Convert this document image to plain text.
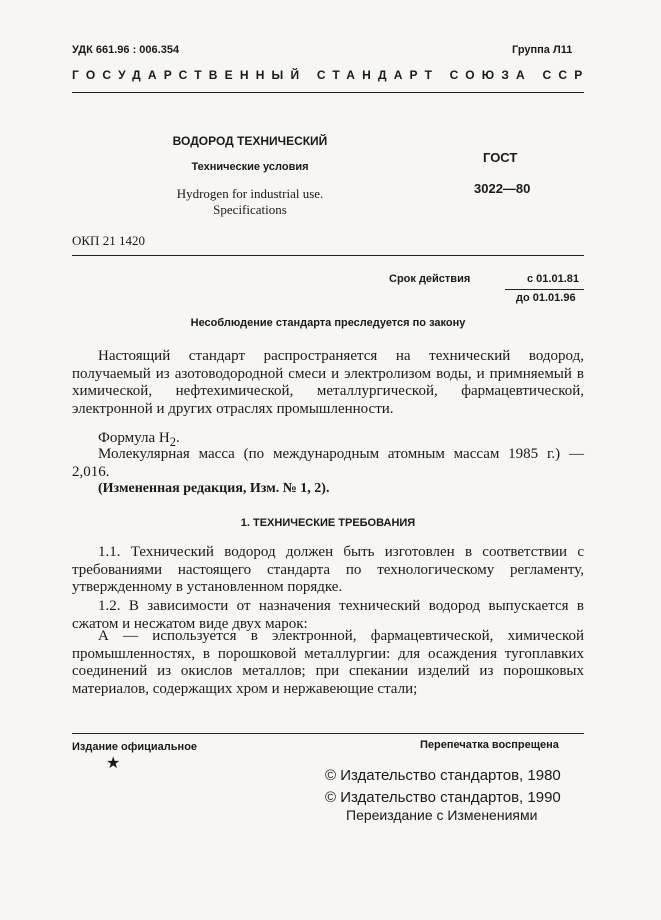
УДК 661.96 : 006.354	Группа Л11
ГОСУДАРСТВЕННЫЙ СТАНДАРТ СОЮЗА ССР
ВОДОРОД ТЕХНИЧЕСКИЙ
Технические условия
Hydrogen for industrial use.
Specifications
ГОСТ
3022—80
ОКП 21 1420
Срок действия	с 01.01.81
до 01.01.96
Несоблюдение стандарта преследуется по закону
Настоящий стандарт распространяется на технический водород, получаемый из азотоводородной смеси и электролизом воды, и примняемый в химической, нефтехимической, металлургической, фармацевтической, электронной и других отраслях промышленности.
Формула $H_2$.
Молекулярная масса (по международным атомным массам 1985 г.) — 2,016.
(Измененная редакция, Изм. № 1, 2).
1. ТЕХНИЧЕСКИЕ ТРЕБОВАНИЯ
1.1. Технический водород должен быть изготовлен в соответствии с требованиями настоящего стандарта по технологическому регламенту, утвержденному в установленном порядке.
1.2. В зависимости от назначения технический водород выпускается в сжатом и несжатом виде двух марок:
А — используется в электронной, фармацевтической, химической промышленностях, в порошковой металлургии: для осаждения тугоплавких соединений из окислов металлов; при спекании изделий из порошковых материалов, содержащих хром и нержавеющие стали;
Издание официальное	Перепечатка воспрещена
★
© Издательство стандартов, 1980
© Издательство стандартов, 1990
Переиздание с Изменениями
